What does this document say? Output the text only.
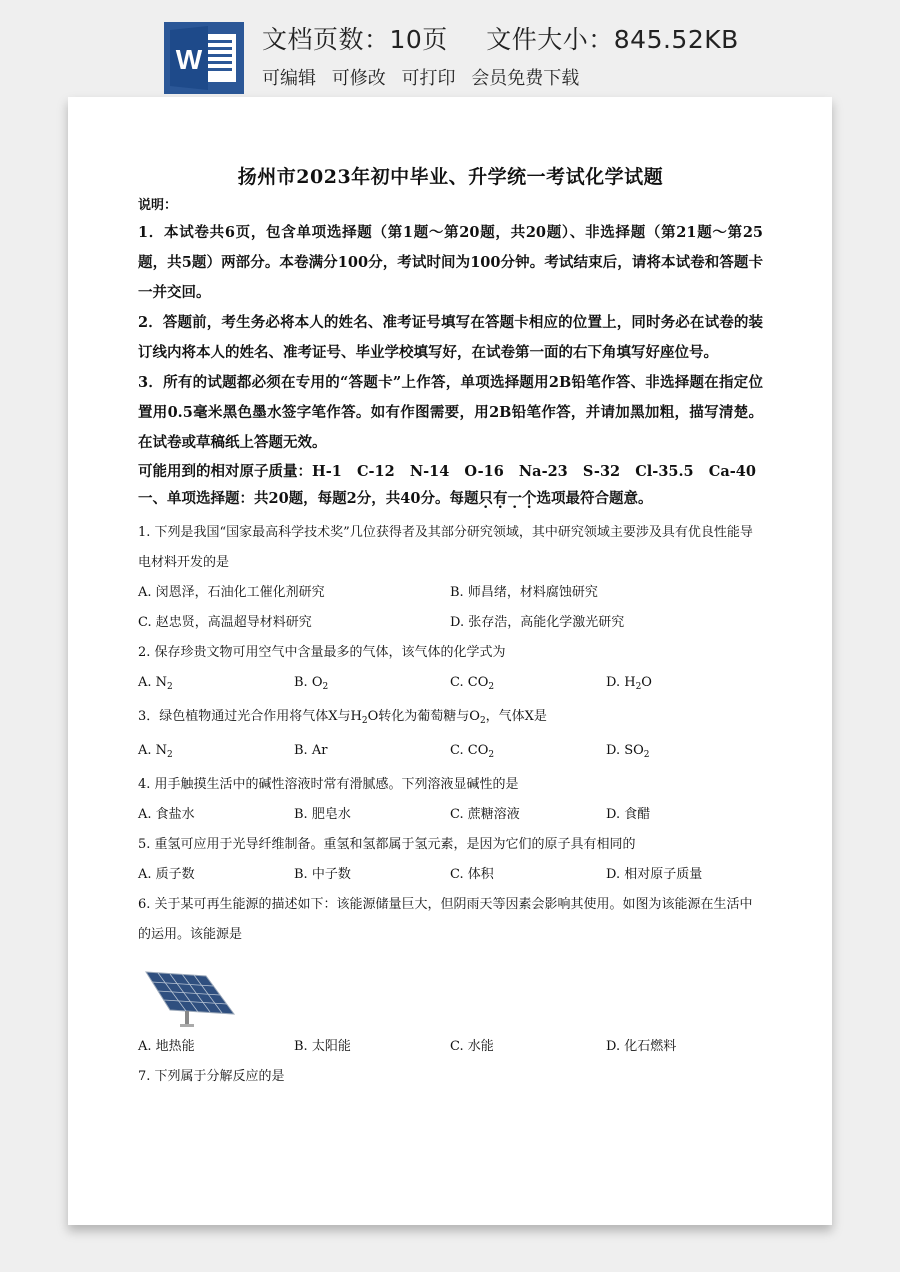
W
文档页数：10页 文件大小：845.52KB
可编辑 可修改 可打印 会员免费下载
扬州市2023年初中毕业、升学统一考试化学试题
说明：
1．本试卷共6页，包含单项选择题（第1题～第20题，共20题）、非选择题（第21题～第25题，共5题）两部分。本卷满分100分，考试时间为100分钟。考试结束后，请将本试卷和答题卡一并交回。
2．答题前，考生务必将本人的姓名、准考证号填写在答题卡相应的位置上，同时务必在试卷的装订线内将本人的姓名、准考证号、毕业学校填写好，在试卷第一面的右下角填写好座位号。
3．所有的试题都必须在专用的“答题卡”上作答，单项选择题用2B铅笔作答、非选择题在指定位置用0.5毫米黑色墨水签字笔作答。如有作图需要，用2B铅笔作答，并请加黑加粗，描写清楚。在试卷或草稿纸上答题无效。
可能用到的相对原子质量：H-1   C-12   N-14   O-16   Na-23   S-32   Cl-35.5   Ca-40
一、单项选择题：共20题，每题2分，共40分。每题只有一个选项最符合题意。
1. 下列是我国“国家最高科学技术奖”几位获得者及其部分研究领域，其中研究领域主要涉及具有优良性能导电材料开发的是
A. 闵恩泽，石油化工催化剂研究	B. 师昌绪，材料腐蚀研究
C. 赵忠贤，高温超导材料研究	D. 张存浩，高能化学激光研究
2. 保存珍贵文物可用空气中含量最多的气体，该气体的化学式为
A. $N_2$	B. $O_2$	C. $CO_2$	D. $H_2O$
3．绿色植物通过光合作用将气体X与$H_2O$转化为葡萄糖与$O_2$，气体X是
A. $N_2$	B. Ar	C. $CO_2$	D. $SO_2$
4. 用手触摸生活中的碱性溶液时常有滑腻感。下列溶液显碱性的是
A. 食盐水	B. 肥皂水	C. 蔗糖溶液	D. 食醋
5. 重氢可应用于光导纤维制备。重氢和氢都属于氢元素，是因为它们的原子具有相同的
A. 质子数	B. 中子数	C. 体积	D. 相对原子质量
6. 关于某可再生能源的描述如下：该能源储量巨大，但阴雨天等因素会影响其使用。如图为该能源在生活中的运用。该能源是
A. 地热能	B. 太阳能	C. 水能	D. 化石燃料
7. 下列属于分解反应的是
